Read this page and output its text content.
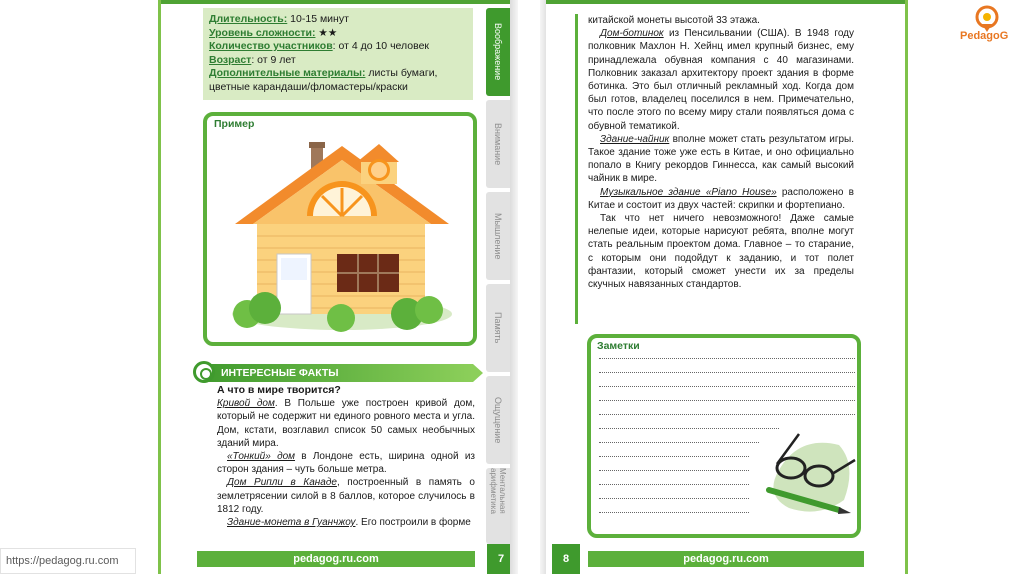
Длительность: 10-15 минут
Уровень сложности: ★★
Количество участников: от 4 до 10 человек
Возраст: от 9 лет
Дополнительные материалы: листы бумаги, цветные карандаши/фломастеры/краски
Воображение
Внимание
Мышление
Память
Ощущение
Ментальная арифметика
Пример
ИНТЕРЕСНЫЕ ФАКТЫ
А что в мире творится?

Кривой дом. В Польше уже построен кривой дом, который не содержит ни единого ровного места и угла. Дом, кстати, возглавил список 50 самых необычных зданий мира.

«Тонкий» дом в Лондоне есть, ширина одной из сторон здания – чуть больше метра.

Дом Рипли в Канаде, построенный в память о землетрясении силой в 8 баллов, которое случилось в 1812 году.

Здание-монета в Гуанчжоу. Его построили в форме

pedagog.ru.com	7
китайской монеты высотой 33 этажа.

Дом-ботинок из Пенсильвании (США). В 1948 году полковник Махлон Н. Хейнц имел крупный бизнес, ему принадлежала обувная компания с 40 магазинами. Полковник заказал архитектору проект здания в форме ботинка. Это был отличный рекламный ход. Когда дом был готов, владелец поселился в нем. Примечательно, что после этого по всему миру стали появляться дома с обувной тематикой.

Здание-чайник вполне может стать результатом игры. Такое здание тоже уже есть в Китае, и оно официально попало в Книгу рекордов Гиннесса, как самый высокий чайник в мире.

Музыкальное здание «Piano House» расположено в Китае и состоит из двух частей: скрипки и фортепиано.

Так что нет ничего невозможного! Даже самые нелепые идеи, которые нарисуют ребята, вполне могут стать реальным проектом дома. Главное – то старание, с которым они подойдут к заданию, и тот полет фантазии, который сможет унести их за пределы скучных навязанных стандартов.

Заметки
8	pedagog.ru.com
PedagoG
https://pedagog.ru.com
